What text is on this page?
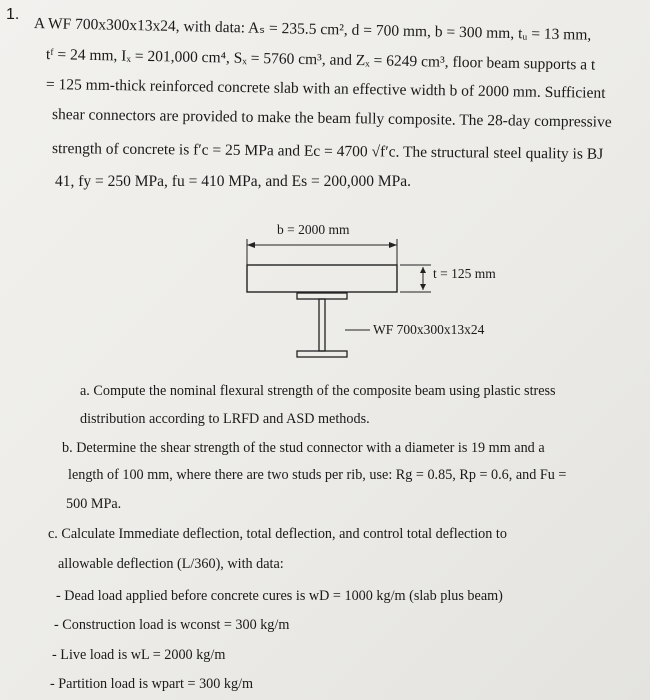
1.
A WF 700x300x13x24, with data: Aₛ = 235.5 cm², d = 700 mm, b = 300 mm, tᵤ = 13 mm,
tᶠ = 24 mm, Iₓ = 201,000 cm⁴, Sₓ = 5760 cm³, and Zₓ = 6249 cm³, floor beam supports a t
= 125 mm-thick reinforced concrete slab with an effective width b of 2000 mm. Sufficient
shear connectors are provided to make the beam fully composite. The 28-day compressive
strength of concrete is f′c = 25 MPa and Ec = 4700 √f′c. The structural steel quality is BJ
41, fy = 250 MPa, fu = 410 MPa, and Es = 200,000 MPa.
b = 2000 mm
t = 125 mm
WF 700x300x13x24
a. Compute the nominal flexural strength of the composite beam using plastic stress
distribution according to LRFD and ASD methods.
b. Determine the shear strength of the stud connector with a diameter is 19 mm and a
length of 100 mm, where there are two studs per rib, use: Rg = 0.85, Rp = 0.6, and Fu =
500 MPa.
c. Calculate Immediate deflection, total deflection, and control total deflection to
allowable deflection (L/360), with data:
- Dead load applied before concrete cures is wD = 1000 kg/m (slab plus beam)
- Construction load is wconst = 300 kg/m
- Live load is wL = 2000 kg/m
- Partition load is wpart = 300 kg/m
